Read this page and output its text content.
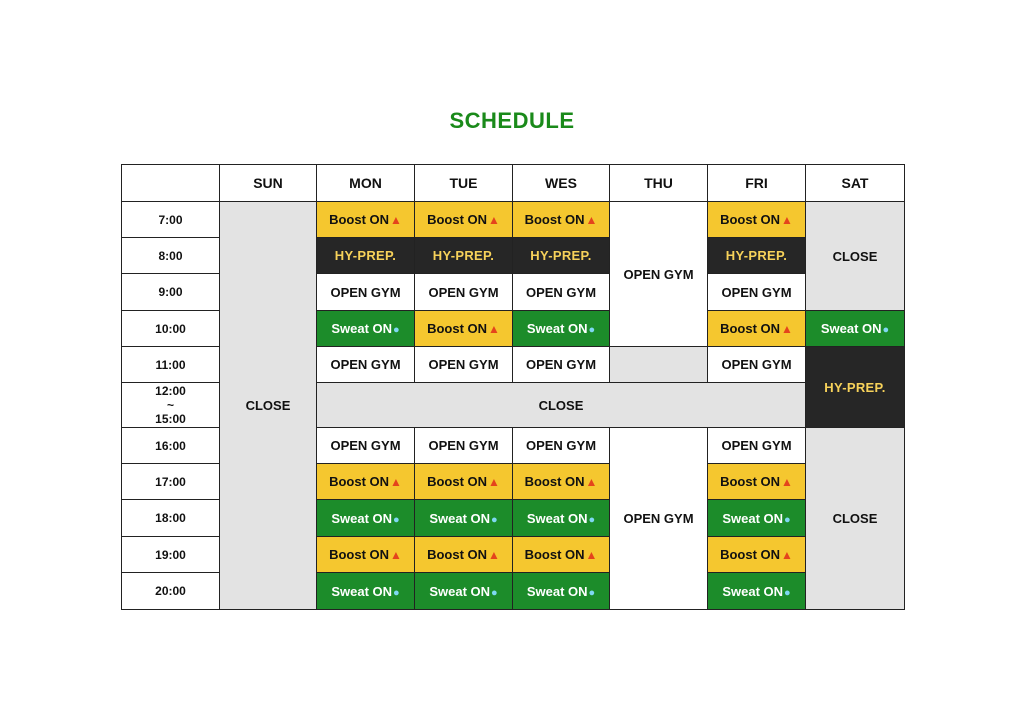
SCHEDULE
	SUN	MON	TUE	WES	THU	FRI	SAT
7:00	CLOSE	Boost ON▲	Boost ON▲	Boost ON▲	OPEN GYM	Boost ON▲	CLOSE
8:00		HY-PREP.	HY-PREP.	HY-PREP.		HY-PREP.	
9:00		OPEN GYM	OPEN GYM	OPEN GYM		OPEN GYM	
10:00		Sweat ON●	Boost ON▲	Sweat ON●		Boost ON▲	Sweat ON●
11:00		OPEN GYM	OPEN GYM	OPEN GYM		OPEN GYM	HY-PREP.
12:00
~
15:00		CLOSE					
16:00		OPEN GYM	OPEN GYM	OPEN GYM	OPEN GYM	OPEN GYM	CLOSE
17:00		Boost ON▲	Boost ON▲	Boost ON▲		Boost ON▲	
18:00		Sweat ON●	Sweat ON●	Sweat ON●		Sweat ON●	
19:00		Boost ON▲	Boost ON▲	Boost ON▲		Boost ON▲	
20:00		Sweat ON●	Sweat ON●	Sweat ON●		Sweat ON●	
